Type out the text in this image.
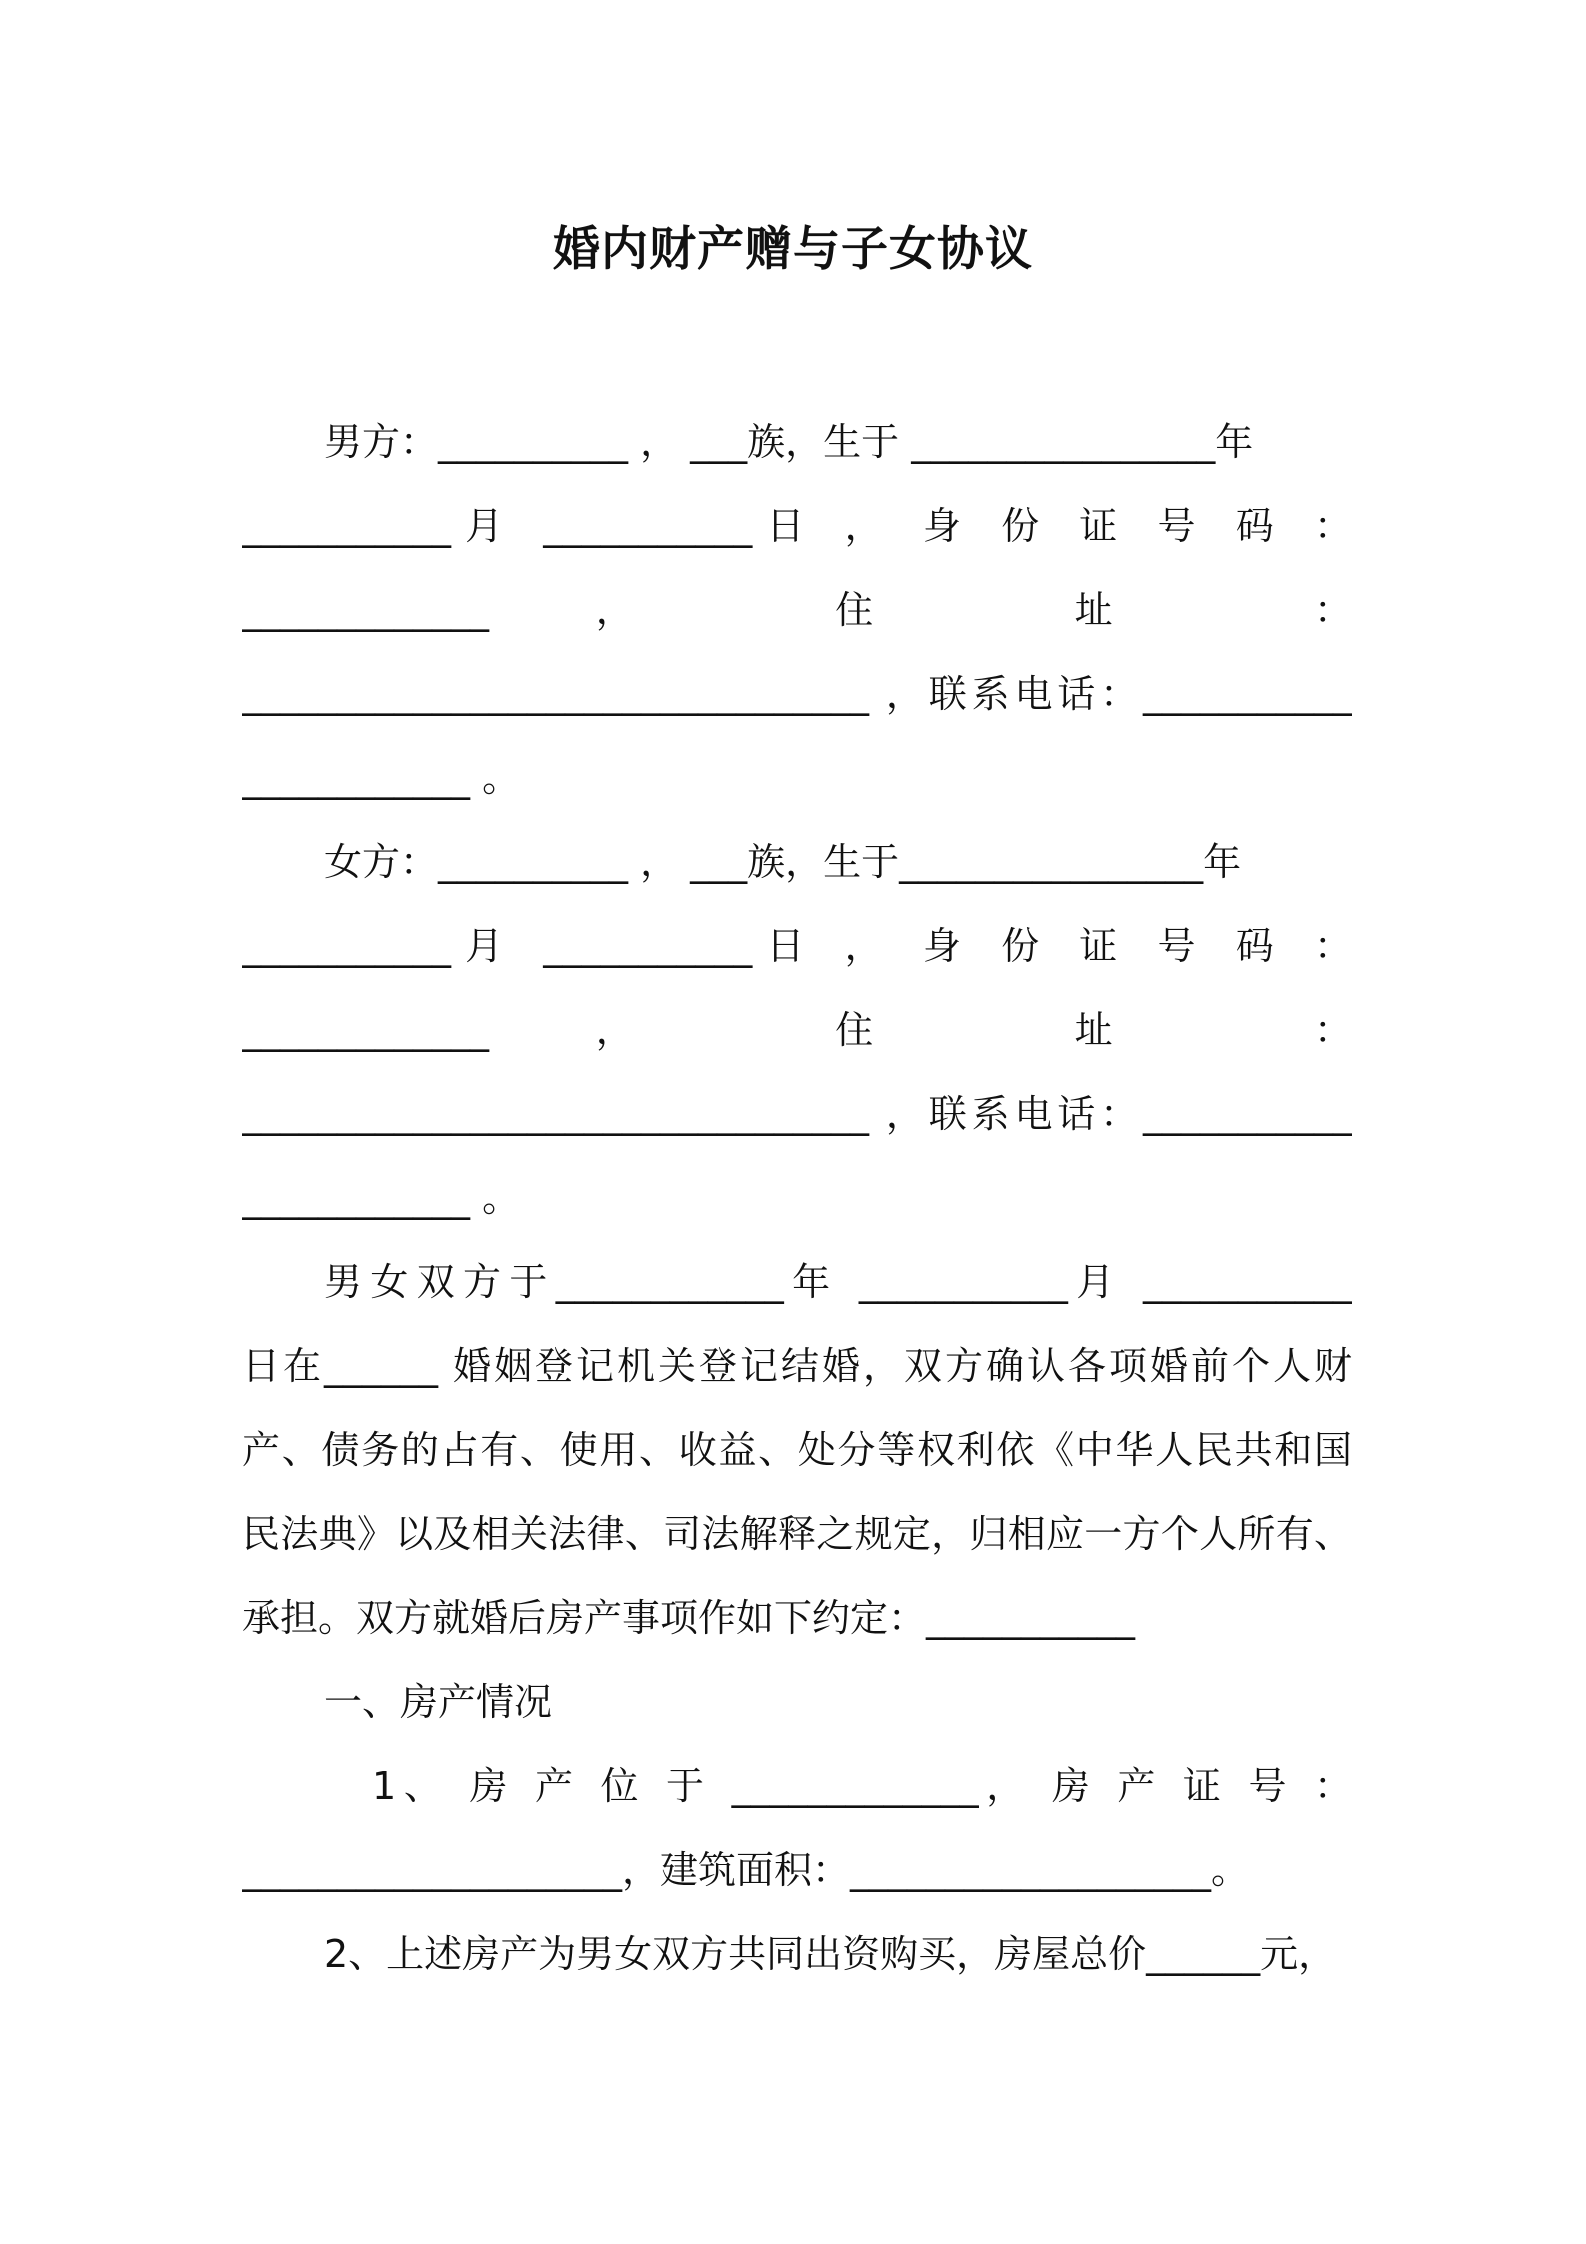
婚内财产赠与子女协议

男方：__________ ， ___族，生于 ________________年

___________月 ___________日 ， 身 份 证 号 码 ：

_____________ ， 住 址 ：

_________________________________ ，联系电话：___________

____________ 。

女方：__________ ， ___族，生于________________年

___________月 ___________日 ， 身 份 证 号 码 ：

_____________ ， 住 址 ：

_________________________________ ，联系电话：___________

____________ 。

男女双方于____________年 ___________月 ___________

日在______ 婚姻登记机关登记结婚，双方确认各项婚前个人财

产、债务的占有、使用、收益、处分等权利依《中华人民共和国

民法典》以及相关法律、司法解释之规定，归相应一方个人所有、

承担。双方就婚后房产事项作如下约定：___________

一、房产情况

1、 房 产 位 于 _____________， 房 产 证 号 ：

____________________，建筑面积：___________________。

2、上述房产为男女双方共同出资购买，房屋总价______元，
